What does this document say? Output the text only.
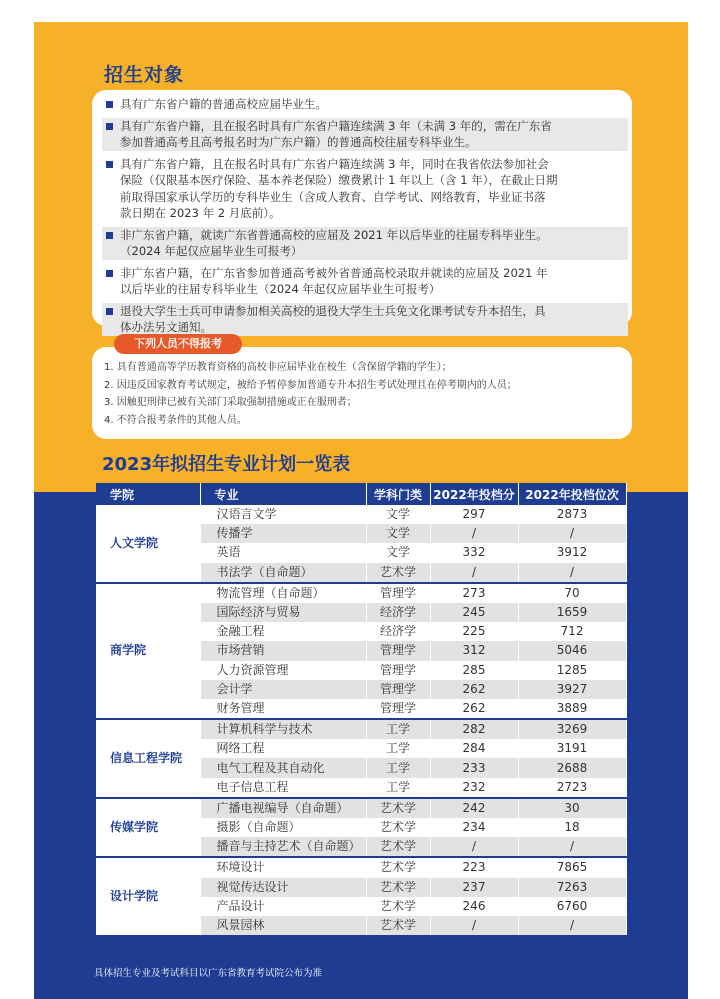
招生对象
具有广东省户籍的普通高校应届毕业生。
具有广东省户籍，且在报名时具有广东省户籍连续满 3 年（未满 3 年的，需在广东省
参加普通高考且高考报名时为广东户籍）的普通高校往届专科毕业生。
具有广东省户籍，且在报名时具有广东省户籍连续满 3 年，同时在我省依法参加社会
保险（仅限基本医疗保险、基本养老保险）缴费累计 1 年以上（含 1 年），在截止日期
前取得国家承认学历的专科毕业生（含成人教育、自学考试、网络教育，毕业证书落
款日期在 2023 年 2 月底前）。
非广东省户籍，就读广东省普通高校的应届及 2021 年以后毕业的往届专科毕业生。
（2024 年起仅应届毕业生可报考）
非广东省户籍，在广东省参加普通高考被外省普通高校录取并就读的应届及 2021 年
以后毕业的往届专科毕业生（2024 年起仅应届毕业生可报考）
退役大学生士兵可申请参加相关高校的退役大学生士兵免文化课考试专升本招生，具
体办法另文通知。
1. 具有普通高等学历教育资格的高校非应届毕业在校生（含保留学籍的学生）；
2. 因违反国家教育考试规定，被给予暂停参加普通专升本招生考试处理且在停考期内的人员；
3. 因触犯刑律已被有关部门采取强制措施或正在服刑者；
4. 不符合报考条件的其他人员。
下列人员不得报考
2023年拟招生专业计划一览表
学院	专业	学科门类	2022年投档分	2022年投档位次
人文学院	汉语言文学	文学	297	2873
	传播学	文学	/	/
	英语	文学	332	3912
	书法学（自命题）	艺术学	/	/
商学院	物流管理（自命题）	管理学	273	70
	国际经济与贸易	经济学	245	1659
	金融工程	经济学	225	712
	市场营销	管理学	312	5046
	人力资源管理	管理学	285	1285
	会计学	管理学	262	3927
	财务管理	管理学	262	3889
信息工程学院	计算机科学与技术	工学	282	3269
	网络工程	工学	284	3191
	电气工程及其自动化	工学	233	2688
	电子信息工程	工学	232	2723
传媒学院	广播电视编导（自命题）	艺术学	242	30
	摄影（自命题）	艺术学	234	18
	播音与主持艺术（自命题）	艺术学	/	/
设计学院	环境设计	艺术学	223	7865
	视觉传达设计	艺术学	237	7263
	产品设计	艺术学	246	6760
	风景园林	艺术学	/	/
具体招生专业及考试科目以广东省教育考试院公布为准
